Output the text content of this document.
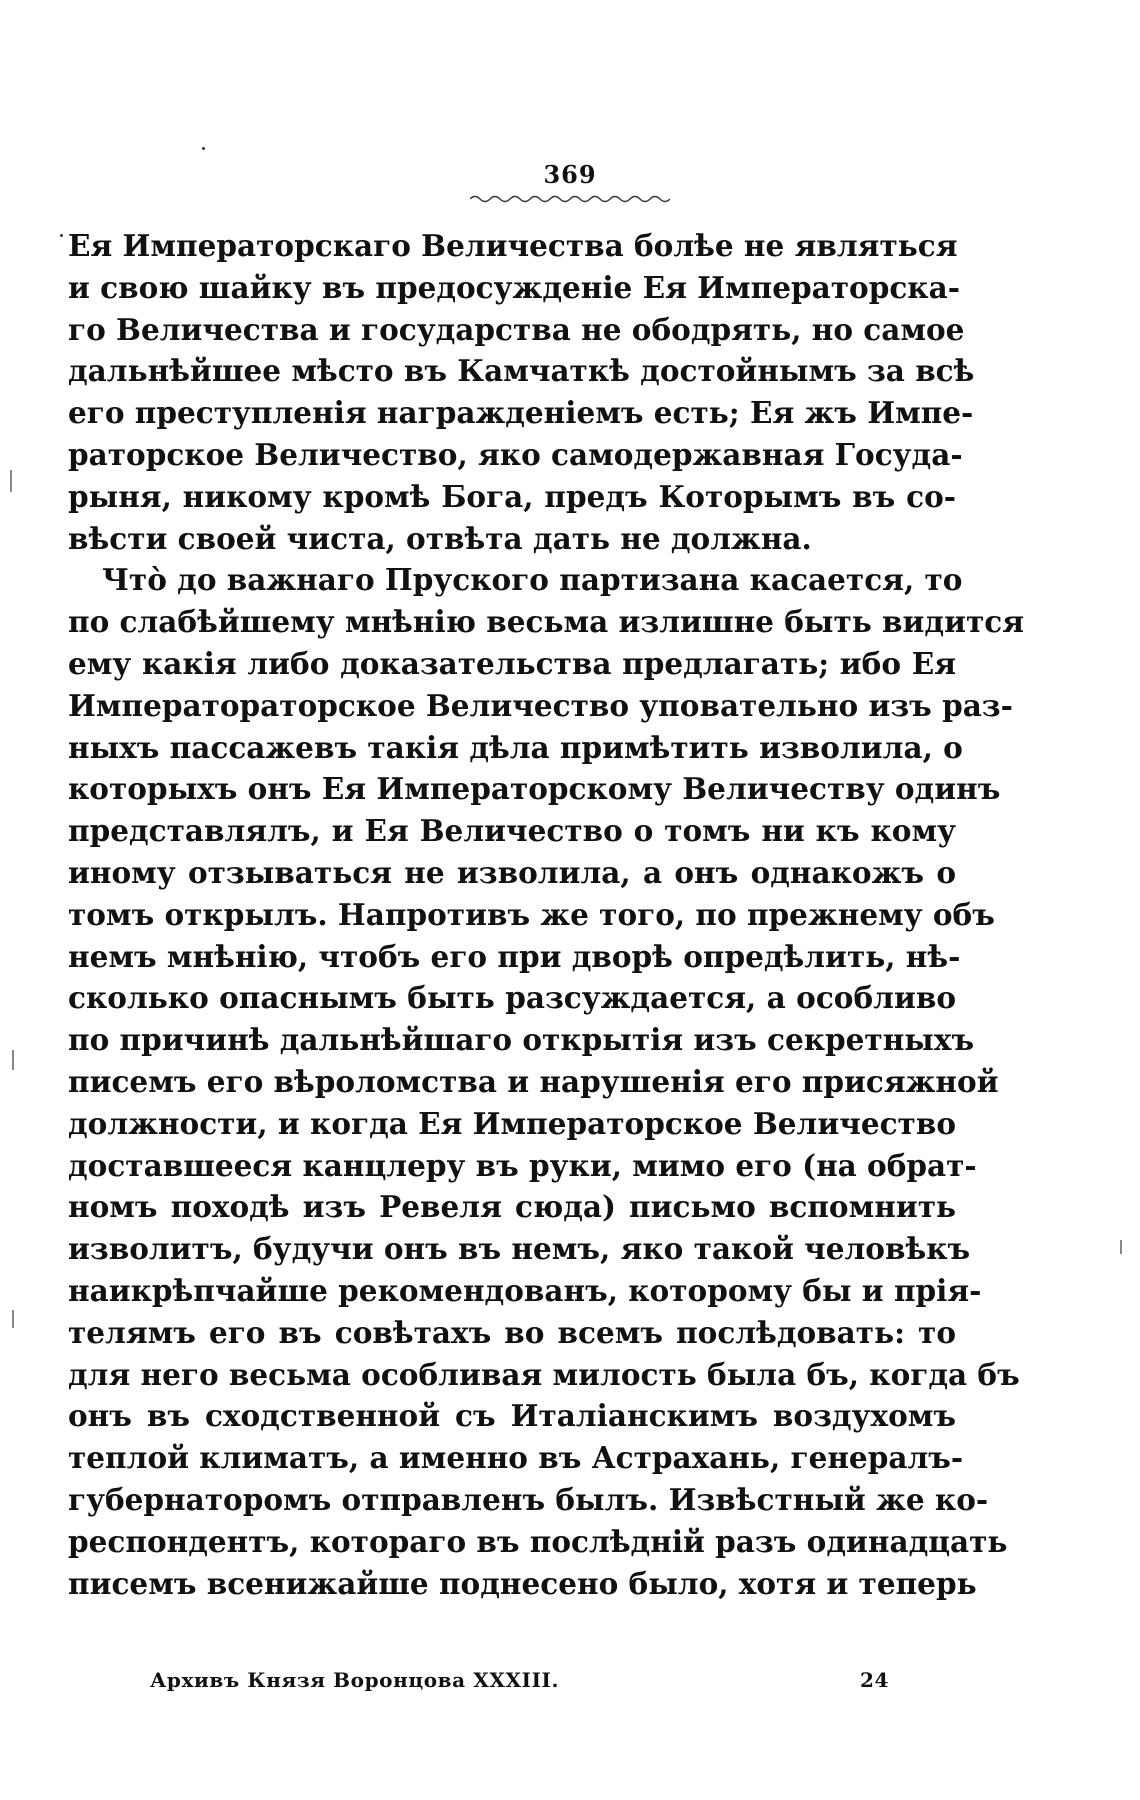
369
Ея Императорскаго Величества болѣе не являться
и свою шайку въ предосужденіе Ея Императорска-
го Величества и государства не ободрять, но самое
дальнѣйшее мѣсто въ Камчаткѣ достойнымъ за всѣ
его преступленія награжденіемъ есть; Ея жъ Импе-
раторское Величество, яко самодержавная Госуда-
рыня, никому кромѣ Бога, предъ Которымъ въ со-
вѣсти своей чиста, отвѣта дать не должна.
Чтὸ до важнаго Пруского партизана касается, то
по слабѣйшему мнѣнію весьма излишне быть видится
ему какія либо доказательства предлагать; ибо Ея
Императораторское Величество уповательно изъ раз-
ныхъ пассажевъ такія дѣла примѣтить изволила, о
которыхъ онъ Ея Императорскому Величеству одинъ
представлялъ, и Ея Величество о томъ ни къ кому
иному отзываться не изволила, а онъ однакожъ о
томъ открылъ. Напротивъ же того, по прежнему объ
немъ мнѣнію, чтобъ его при дворѣ опредѣлить, нѣ-
сколько опаснымъ быть разсуждается, а особливо
по причинѣ дальнѣйшаго открытія изъ секретныхъ
писемъ его вѣроломства и нарушенія его присяжной
должности, и когда Ея Императорское Величество
доставшееся канцлеру въ руки, мимо его (на обрат-
номъ походѣ изъ Ревеля сюда) письмо вспомнить
изволитъ, будучи онъ въ немъ, яко такой человѣкъ
наикрѣпчайше рекомендованъ, которому бы и прія-
телямъ его въ совѣтахъ во всемъ послѣдовать: то
для него весьма особливая милость была бъ, когда бъ
онъ въ сходственной съ Италіанскимъ воздухомъ
теплой климатъ, а именно въ Астрахань, генералъ-
губернаторомъ отправленъ былъ. Извѣстный же ко-
респондентъ, котораго въ послѣдній разъ одинадцать
писемъ всенижайше поднесено было, хотя и теперь
Архивъ Князя Воронцова XXXIII.	24
